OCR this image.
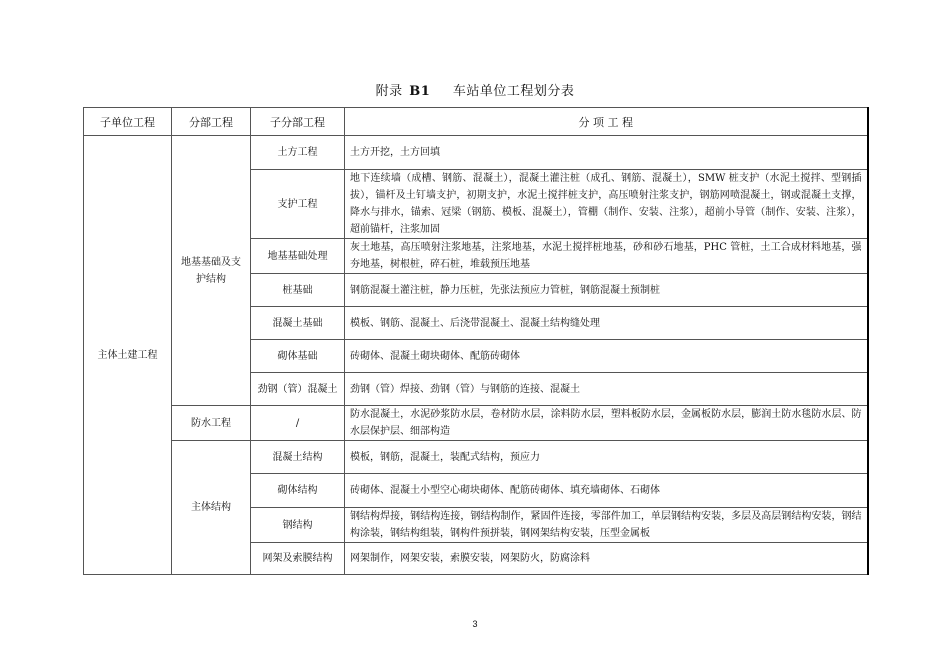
附录 B1 车站单位工程划分表
子单位工程	分部工程	子分部工程	分 项 工 程
主体土建工程	地基基础及支护结构	土方工程	土方开挖，土方回填
		支护工程	地下连续墙（成槽、钢筋、混凝土），混凝土灌注桩（成孔、钢筋、混凝土），SMW 桩支护（水泥土搅拌、型钢插拔），锚杆及土钉墙支护，初期支护，水泥土搅拌桩支护，高压喷射注浆支护，钢筋网喷混凝土，钢或混凝土支撑，降水与排水，锚索、冠梁（钢筋、模板、混凝土），管棚（制作、安装、注浆），超前小导管（制作、安装、注浆），超前锚杆，注浆加固
		地基基础处理	灰土地基，高压喷射注浆地基，注浆地基，水泥土搅拌桩地基，砂和砂石地基，PHC 管桩，土工合成材料地基，强夯地基，树根桩，碎石桩，堆载预压地基
		桩基础	钢筋混凝土灌注桩，静力压桩，先张法预应力管桩，钢筋混凝土预制桩
		混凝土基础	模板、钢筋、混凝土、后浇带混凝土、混凝土结构缝处理
		砌体基础	砖砌体、混凝土砌块砌体、配筋砖砌体
		劲钢（管）混凝土	劲钢（管）焊接、劲钢（管）与钢筋的连接、混凝土
	防水工程	/	防水混凝土，水泥砂浆防水层，卷材防水层，涂料防水层，塑料板防水层，金属板防水层，膨润土防水毯防水层、防水层保护层、细部构造
	主体结构	混凝土结构	模板，钢筋，混凝土，装配式结构，预应力
		砌体结构	砖砌体、混凝土小型空心砌块砌体、配筋砖砌体、填充墙砌体、石砌体
		钢结构	钢结构焊接，钢结构连接，钢结构制作，紧固件连接，零部件加工，单层钢结构安装，多层及高层钢结构安装，钢结构涂装，钢结构组装，钢构件预拼装，钢网架结构安装，压型金属板
		网架及索膜结构	网架制作，网架安装，索膜安装，网架防火，防腐涂料
3
